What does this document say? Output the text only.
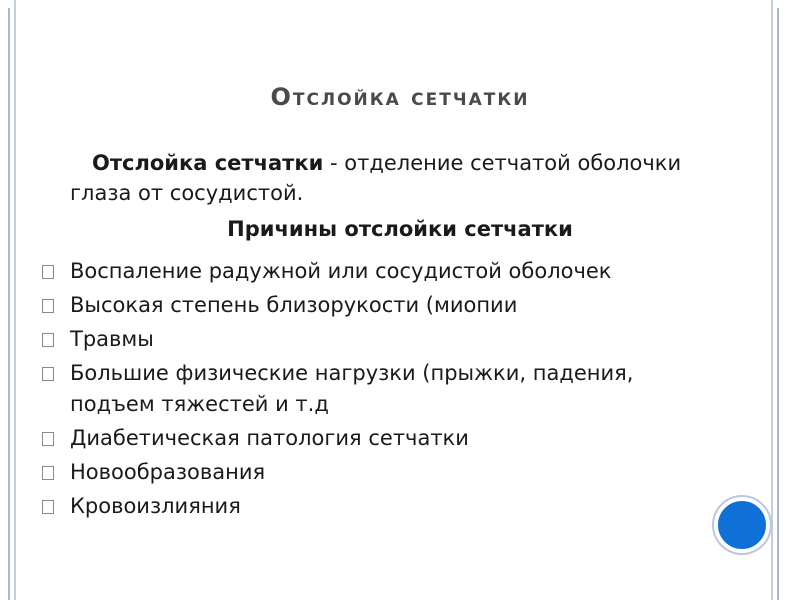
Отслойка сетчатки
Отслойка сетчатки - отделение сетчатой оболочки глаза от сосудистой.
Причины отслойки сетчатки
Воспаление радужной или сосудистой оболочек
Высокая степень близорукости (миопии
Травмы
Большие физические нагрузки (прыжки, падения, подъем тяжестей и т.д
Диабетическая патология сетчатки
Новообразования
Кровоизлияния
